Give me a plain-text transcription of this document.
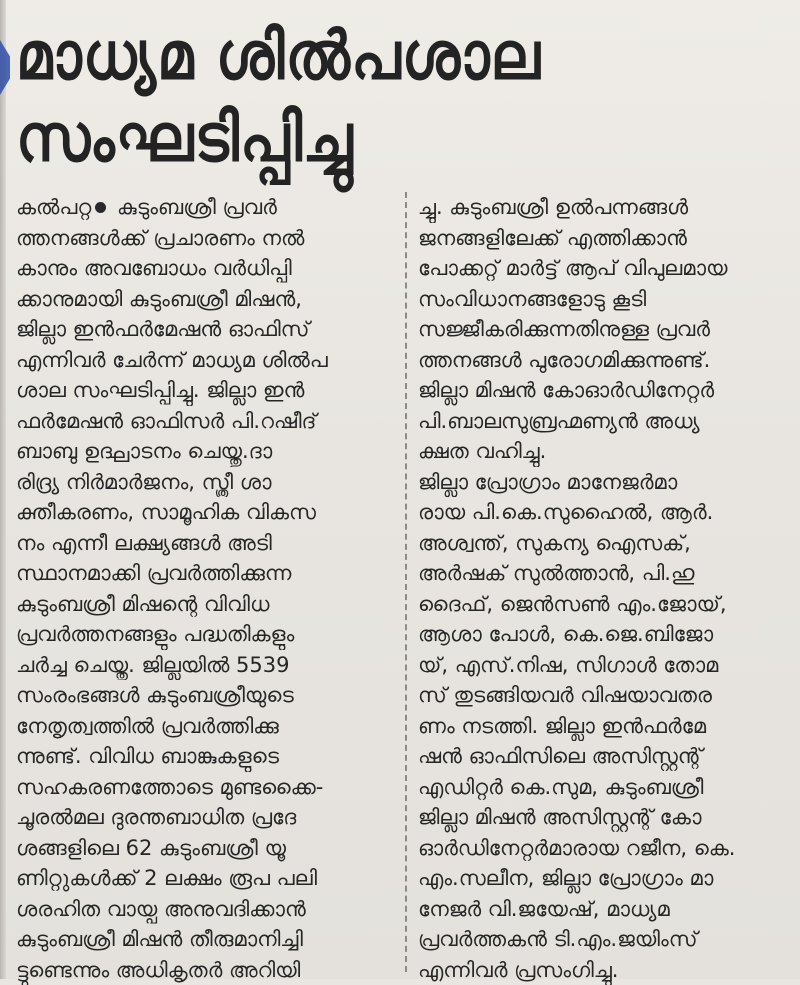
മാധ്യമ ശിൽപശാല
സംഘടിപ്പിച്ചു
കൽപറ്റ കുടുംബശ്രീ പ്രവർ
ത്തനങ്ങൾക്ക് പ്രചാരണം നൽ
കാനും അവബോധം വർധിപ്പി
ക്കാനുമായി കുടുംബശ്രീ മിഷൻ,
ജില്ലാ ഇൻഫർമേഷൻ ഓഫിസ്
എന്നിവർ ചേർന്ന് മാധ്യമ ശിൽപ
ശാല സംഘടിപ്പിച്ചു. ജില്ലാ ഇൻ
ഫർമേഷൻ ഓഫിസർ പി.റഷീദ്
ബാബു ഉദ്ഘാടനം ചെയ്തു.ദാ
രിദ്ര്യ നിർമാർജനം, സ്ത്രീ ശാ
ക്തീകരണം, സാമൂഹിക വികസ
നം എന്നീ ലക്ഷ്യങ്ങൾ അടി
സ്ഥാനമാക്കി പ്രവർത്തിക്കുന്ന
കുടുംബശ്രീ മിഷന്റെ വിവിധ
പ്രവർത്തനങ്ങളും പദ്ധതികളും
ചർച്ച ചെയ്തു. ജില്ലയിൽ 5539
സംരംഭങ്ങൾ കുടുംബശ്രീയുടെ
നേതൃത്വത്തിൽ പ്രവർത്തിക്കു
ന്നുണ്ട്. വിവിധ ബാങ്കുകളുടെ
സഹകരണത്തോടെ മുണ്ടക്കൈ-
ചൂരൽമല ദുരന്തബാധിത പ്രദേ
ശങ്ങളിലെ 62 കുടുംബശ്രീ യൂ
ണിറ്റുകൾക്ക് 2 ലക്ഷം രൂപ പലി
ശരഹിത വായ്പ അനുവദിക്കാൻ
കുടുംബശ്രീ മിഷൻ തീരുമാനിച്ചി
ട്ടുണ്ടെന്നും അധികൃതർ അറിയി
ച്ചു. കുടുംബശ്രീ ഉൽപന്നങ്ങൾ
ജനങ്ങളിലേക്ക് എത്തിക്കാൻ
പോക്കറ്റ് മാർട്ട് ആപ് വിപുലമായ
സംവിധാനങ്ങളോടു കൂടി
സജ്ജീകരിക്കുന്നതിനുള്ള പ്രവർ
ത്തനങ്ങൾ പുരോഗമിക്കുന്നുണ്ട്.
ജില്ലാ മിഷൻ കോഓർഡിനേറ്റർ
പി.ബാലസുബ്രഹ്മണ്യൻ അധ്യ
ക്ഷത വഹിച്ചു.
ജില്ലാ പ്രോഗ്രാം മാനേജർമാ
രായ പി.കെ.സുഹൈൽ, ആർ.
അശ്വന്ത്, സുകന്യ ഐസക്,
അർഷക് സുൽത്താൻ, പി.ഹു
ദൈഫ്, ജെൻസൺ എം.ജോയ്,
ആശാ പോൾ, കെ.ജെ.ബിജോ
യ്, എസ്.നിഷ, സിഗാൾ തോമ
സ് തുടങ്ങിയവർ വിഷയാവതര
ണം നടത്തി. ജില്ലാ ഇൻഫർമേ
ഷൻ ഓഫിസിലെ അസിസ്റ്റന്റ്
എഡിറ്റർ കെ.സുമ, കുടുംബശ്രീ
ജില്ലാ മിഷൻ അസിസ്റ്റന്റ് കോ
ഓർഡിനേറ്റർമാരായ റജീന, കെ.
എം.സലീന, ജില്ലാ പ്രോഗ്രാം മാ
നേജർ വി.ജയേഷ്, മാധ്യമ
പ്രവർത്തകൻ ടി.എം.ജയിംസ്
എന്നിവർ പ്രസംഗിച്ചു.
